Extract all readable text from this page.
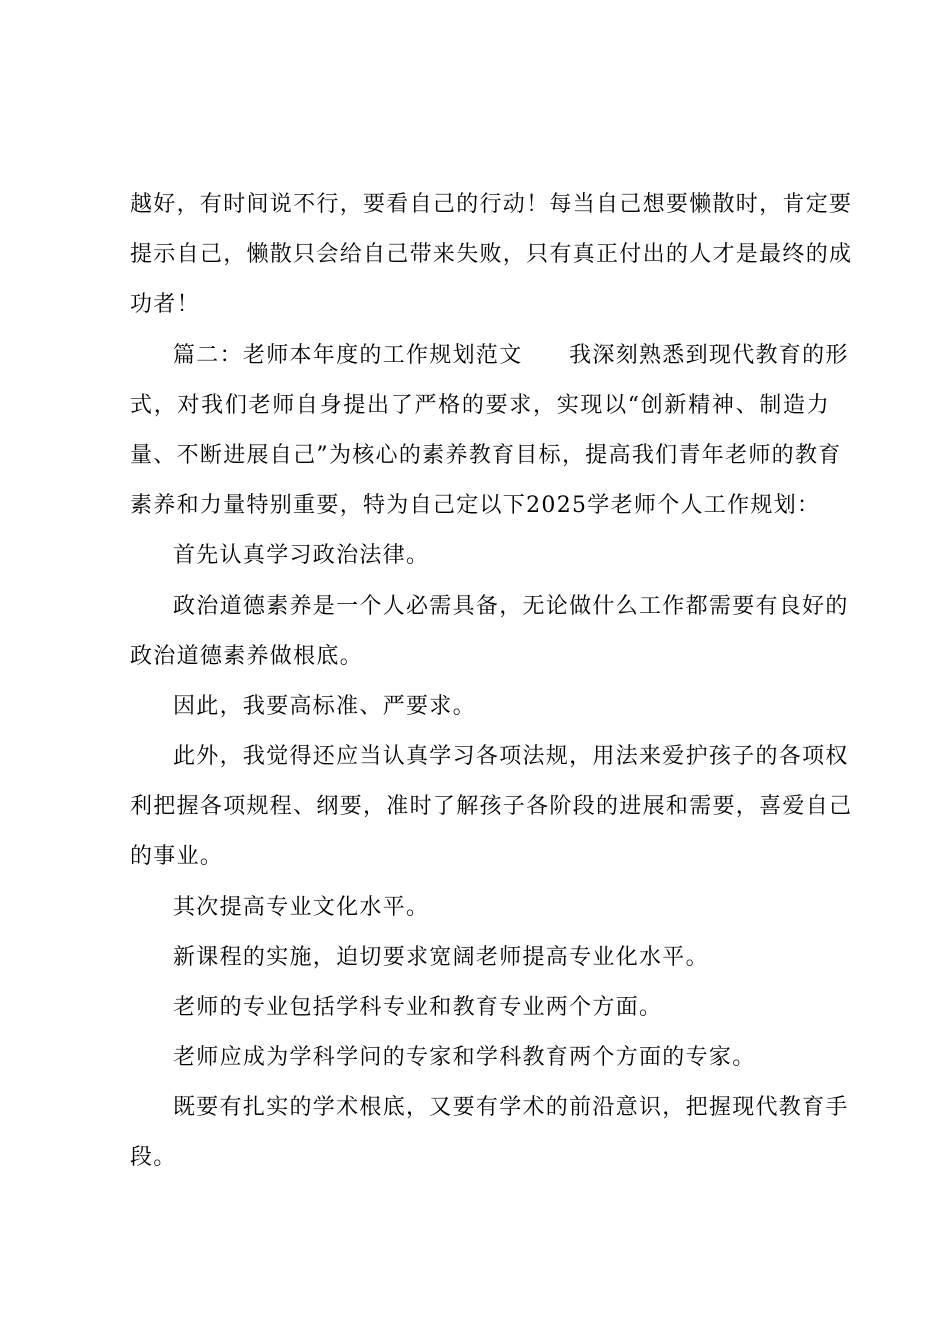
越好，有时间说不行，要看自己的行动！每当自己想要懒散时，肯定要
提示自己，懒散只会给自己带来失败，只有真正付出的人才是最终的成
功者！
篇二：老师本年度的工作规划范文　　我深刻熟悉到现代教育的形
式，对我们老师自身提出了严格的要求，实现以“创新精神、制造力
量、不断进展自己”为核心的素养教育目标，提高我们青年老师的教育
素养和力量特别重要，特为自己定以下2025学老师个人工作规划：
首先认真学习政治法律。
政治道德素养是一个人必需具备，无论做什么工作都需要有良好的
政治道德素养做根底。
因此，我要高标准、严要求。
此外，我觉得还应当认真学习各项法规，用法来爱护孩子的各项权
利把握各项规程、纲要，准时了解孩子各阶段的进展和需要，喜爱自己
的事业。
其次提高专业文化水平。
新课程的实施，迫切要求宽阔老师提高专业化水平。
老师的专业包括学科专业和教育专业两个方面。
老师应成为学科学问的专家和学科教育两个方面的专家。
既要有扎实的学术根底，又要有学术的前沿意识，把握现代教育手
段。
